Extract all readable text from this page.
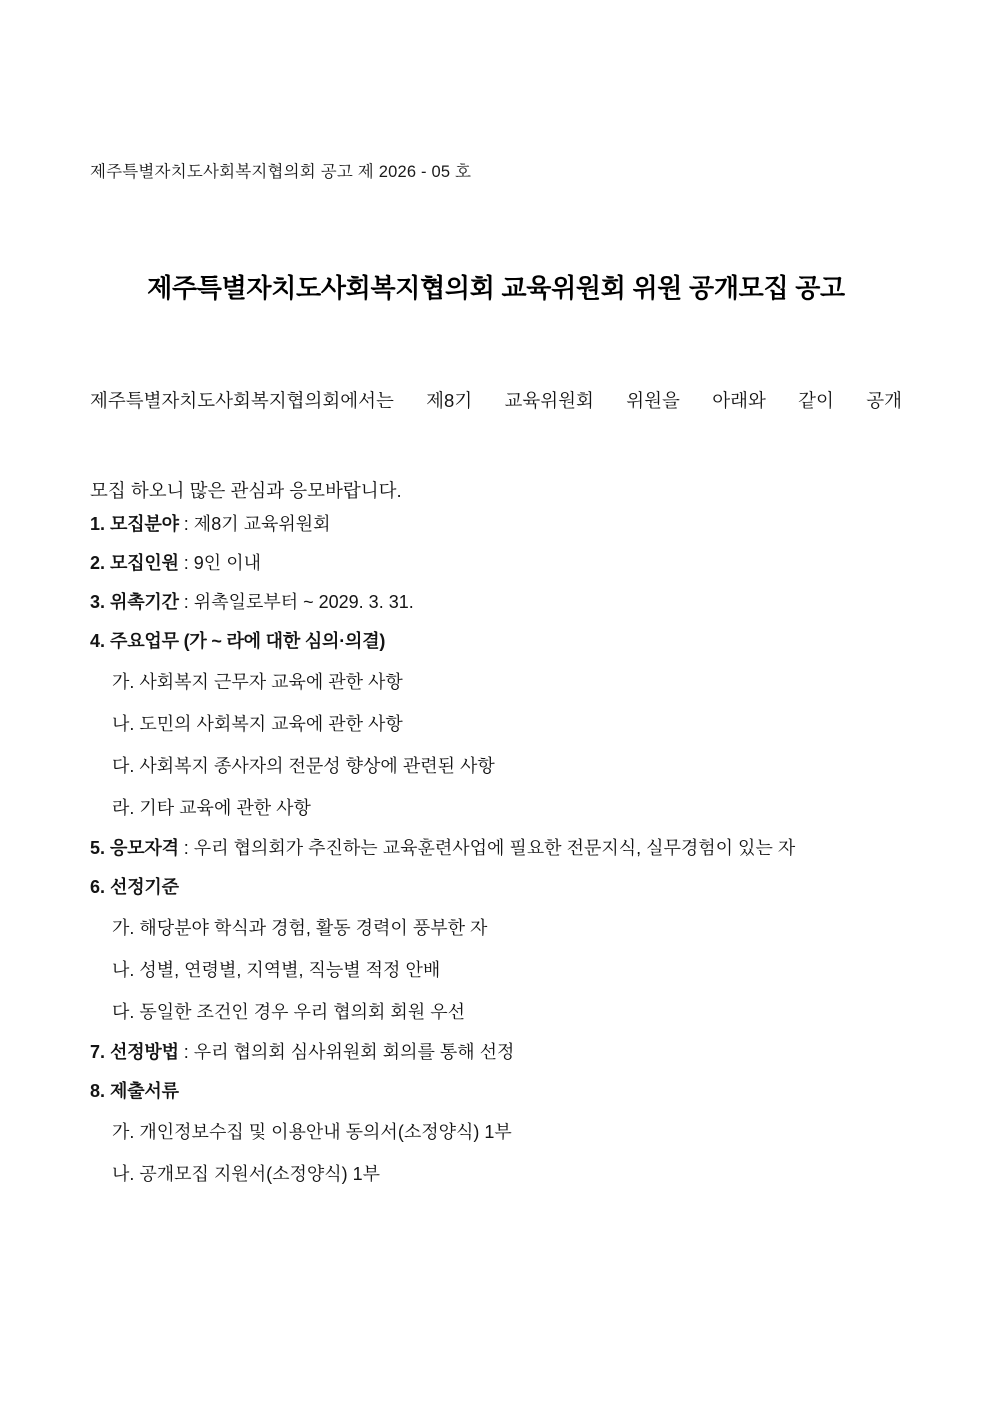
제주특별자치도사회복지협의회 공고 제 2026 - 05 호
제주특별자치도사회복지협의회 교육위원회 위원 공개모집 공고
제주특별자치도사회복지협의회에서는 제8기 교육위원회 위원을 아래와 같이 공개
모집 하오니 많은 관심과 응모바랍니다.
1. 모집분야 : 제8기 교육위원회
2. 모집인원 : 9인 이내
3. 위촉기간 : 위촉일로부터 ~ 2029. 3. 31.
4. 주요업무 (가 ~ 라에 대한 심의·의결)
가. 사회복지 근무자 교육에 관한 사항
나. 도민의 사회복지 교육에 관한 사항
다. 사회복지 종사자의 전문성 향상에 관련된 사항
라. 기타 교육에 관한 사항
5. 응모자격 : 우리 협의회가 추진하는 교육훈련사업에 필요한 전문지식, 실무경험이 있는 자
6. 선정기준
가. 해당분야 학식과 경험, 활동 경력이 풍부한 자
나. 성별, 연령별, 지역별, 직능별 적정 안배
다. 동일한 조건인 경우 우리 협의회 회원 우선
7. 선정방법 : 우리 협의회 심사위원회 회의를 통해 선정
8. 제출서류
가. 개인정보수집 및 이용안내 동의서(소정양식) 1부
나. 공개모집 지원서(소정양식) 1부
